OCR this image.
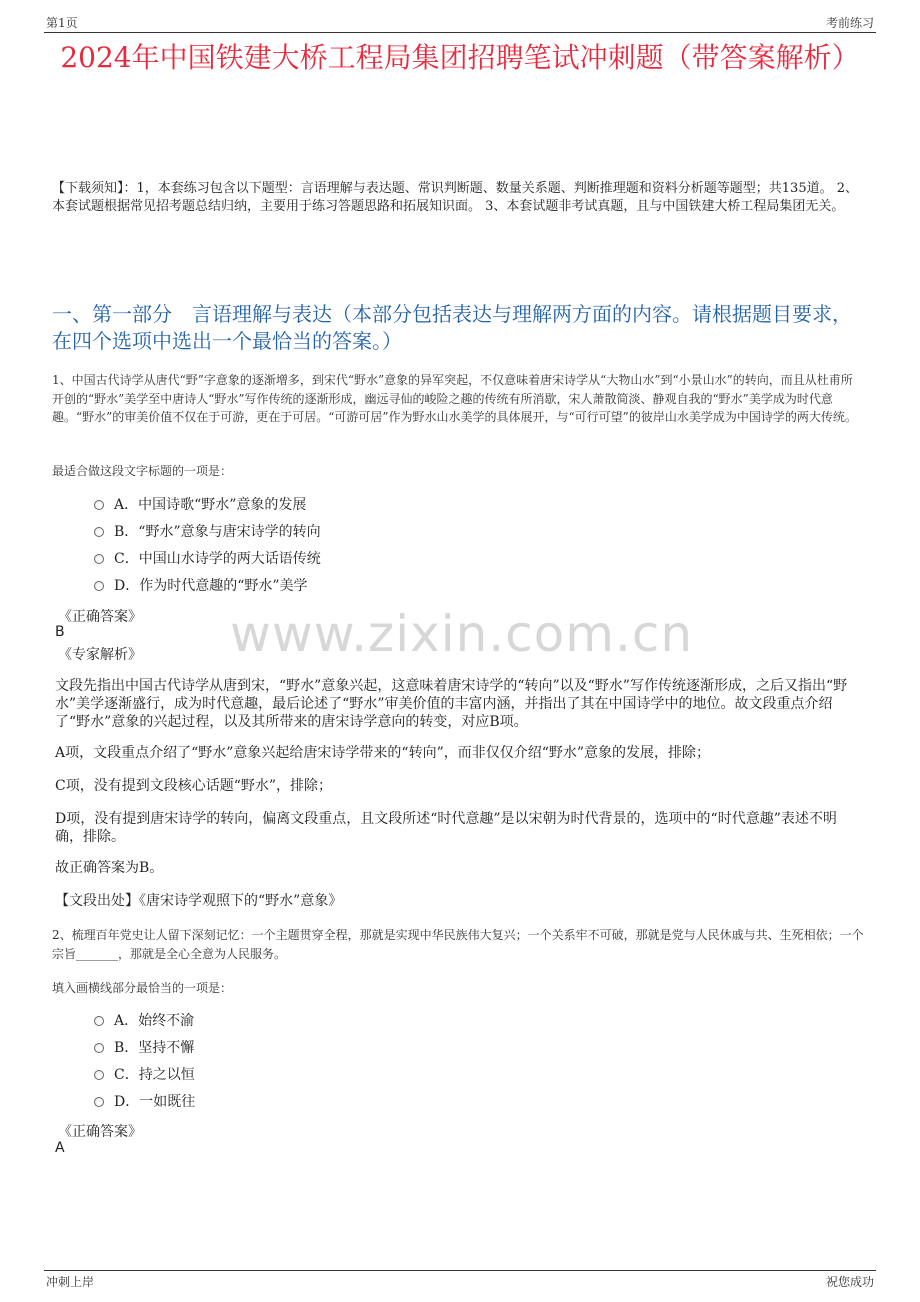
第1页	考前练习
2024年中国铁建大桥工程局集团招聘笔试冲刺题（带答案解析）
【下载须知】：1，本套练习包含以下题型：言语理解与表达题、常识判断题、数量关系题、判断推理题和资料分析题等题型；共135道。 2、本套试题根据常见招考题总结归纳，主要用于练习答题思路和拓展知识面。 3、本套试题非考试真题，且与中国铁建大桥工程局集团无关。
一、第一部分　言语理解与表达（本部分包括表达与理解两方面的内容。请根据题目要求，在四个选项中选出一个最恰当的答案。）
1、中国古代诗学从唐代“野”字意象的逐渐增多，到宋代“野水”意象的异军突起，不仅意味着唐宋诗学从“大物山水”到“小景山水”的转向，而且从杜甫所开创的“野水”美学至中唐诗人“野水”写作传统的逐渐形成，幽远寻仙的峻险之趣的传统有所消歇，宋人萧散简淡、静观自我的“野水”美学成为时代意趣。“野水”的审美价值不仅在于可游，更在于可居。“可游可居”作为野水山水美学的具体展开，与“可行可望”的彼岸山水美学成为中国诗学的两大传统。
最适合做这段文字标题的一项是：
A．中国诗歌“野水”意象的发展
B．“野水”意象与唐宋诗学的转向
C．中国山水诗学的两大话语传统
D．作为时代意趣的“野水”美学
www.zixin.com.cn
《正确答案》
B
《专家解析》
文段先指出中国古代诗学从唐到宋，“野水”意象兴起，这意味着唐宋诗学的“转向”以及“野水”写作传统逐渐形成，之后又指出“野水”美学逐渐盛行，成为时代意趣，最后论述了“野水”审美价值的丰富内涵，并指出了其在中国诗学中的地位。故文段重点介绍了“野水”意象的兴起过程，以及其所带来的唐宋诗学意向的转变，对应B项。
A项，文段重点介绍了“野水”意象兴起给唐宋诗学带来的“转向”，而非仅仅介绍“野水”意象的发展，排除；
C项，没有提到文段核心话题“野水”，排除；
D项，没有提到唐宋诗学的转向，偏离文段重点，且文段所述“时代意趣”是以宋朝为时代背景的，选项中的“时代意趣”表述不明确，排除。
故正确答案为B。
【文段出处】《唐宋诗学观照下的“野水”意象》
2、梳理百年党史让人留下深刻记忆：一个主题贯穿全程，那就是实现中华民族伟大复兴；一个关系牢不可破，那就是党与人民休戚与共、生死相依；一个宗旨_______，那就是全心全意为人民服务。
填入画横线部分最恰当的一项是：
A．始终不渝
B．坚持不懈
C．持之以恒
D．一如既往
《正确答案》
A
冲刺上岸	祝您成功
